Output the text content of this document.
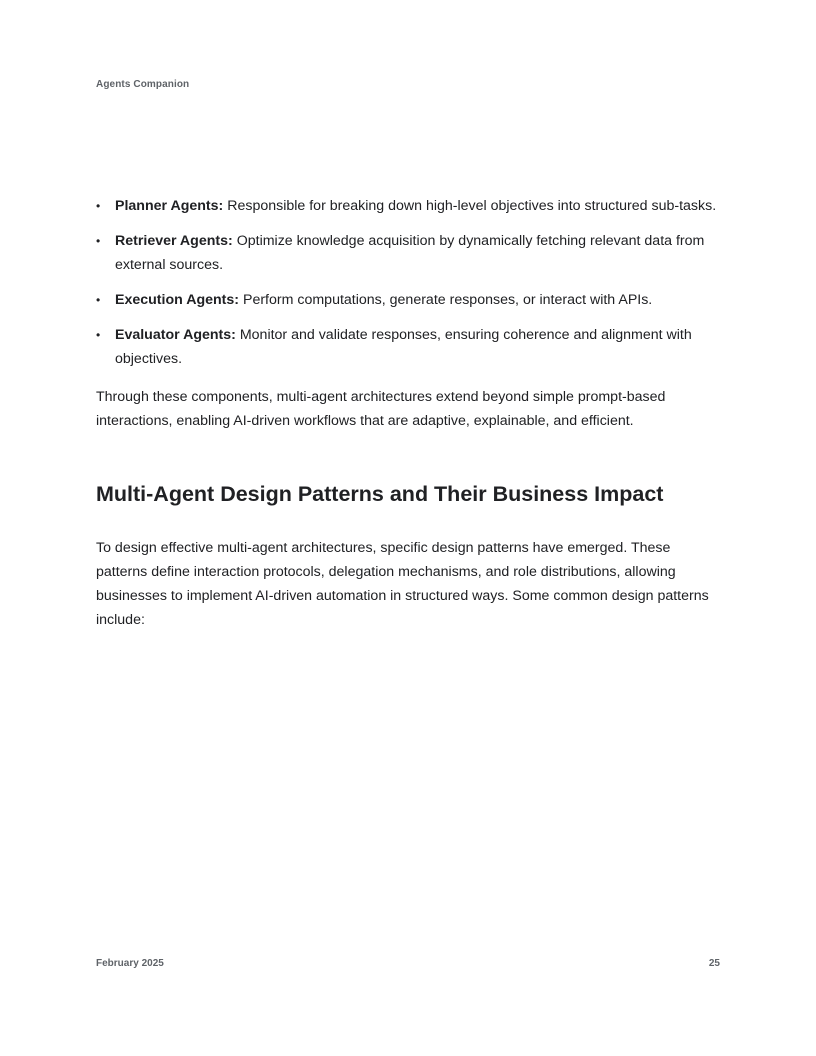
Agents Companion
• Planner Agents: Responsible for breaking down high-level objectives into structured sub-tasks.
• Retriever Agents: Optimize knowledge acquisition by dynamically fetching relevant data from external sources.
• Execution Agents: Perform computations, generate responses, or interact with APIs.
• Evaluator Agents: Monitor and validate responses, ensuring coherence and alignment with objectives.

Through these components, multi-agent architectures extend beyond simple prompt-based interactions, enabling AI-driven workflows that are adaptive, explainable, and efficient.

Multi-Agent Design Patterns and Their Business Impact

To design effective multi-agent architectures, specific design patterns have emerged. These patterns define interaction protocols, delegation mechanisms, and role distributions, allowing businesses to implement AI-driven automation in structured ways. Some common design patterns include:

February 2025	25
